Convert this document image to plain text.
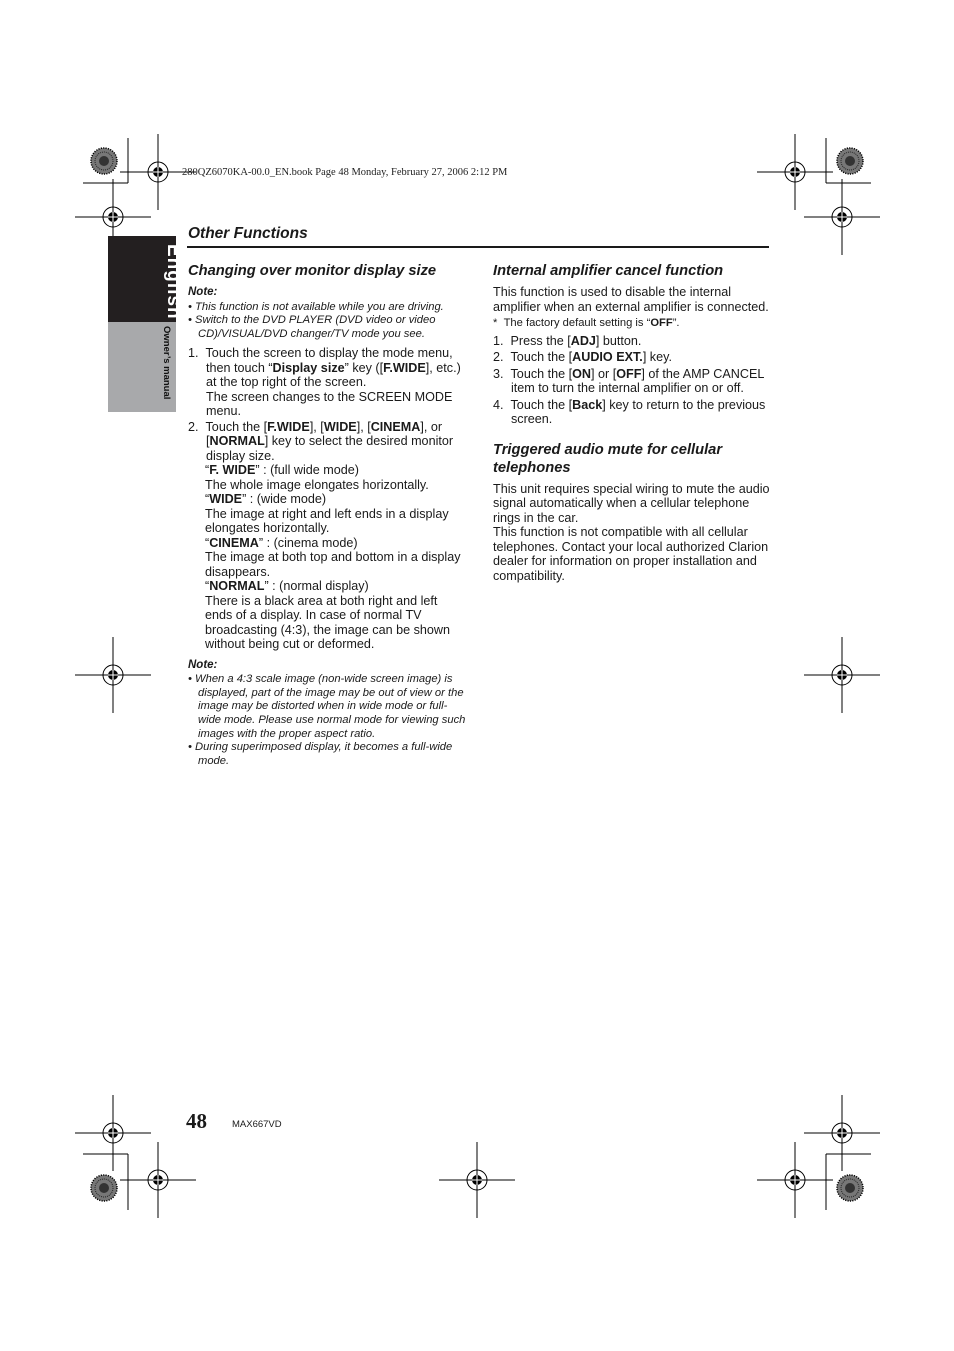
280QZ6070KA-00.0_EN.book Page 48 Monday, February 27, 2006 2:12 PM
English
Owner’s manual
Other Functions
Changing over monitor display size

Note:

• This function is not available while you are driving.

• Switch to the DVD PLAYER (DVD video or video CD)/VISUAL/DVD changer/TV mode you see.

1. Touch the screen to display the mode menu, then touch “Display size” key ([F.WIDE], etc.) at the top right of the screen.

The screen changes to the SCREEN MODE menu.

2. Touch the [F.WIDE], [WIDE], [CINEMA], or [NORMAL] key to select the desired monitor display size.

“F. WIDE” : (full wide mode)

The whole image elongates horizontally.

“WIDE” : (wide mode)

The image at right and left ends in a display elongates horizontally.

“CINEMA” : (cinema mode)

The image at both top and bottom in a display disappears.

“NORMAL” : (normal display)

There is a black area at both right and left ends of a display. In case of normal TV broadcasting (4:3), the image can be shown without being cut or deformed.

Note:

• When a 4:3 scale image (non-wide screen image) is displayed, part of the image may be out of view or the image may be distorted when in wide mode or full-wide mode. Please use normal mode for viewing such images with the proper aspect ratio.

• During superimposed display, it becomes a full-wide mode.

Internal amplifier cancel function

This function is used to disable the internal amplifier when an external amplifier is connected.

* The factory default setting is “OFF”.

1. Press the [ADJ] button.

2. Touch the [AUDIO EXT.] key.

3. Touch the [ON] or [OFF] of the AMP CANCEL item to turn the internal amplifier on or off.

4. Touch the [Back] key to return to the previous screen.

Triggered audio mute for cellular telephones

This unit requires special wiring to mute the audio signal automatically when a cellular telephone rings in the car.

This function is not compatible with all cellular telephones. Contact your local authorized Clarion dealer for information on proper installation and compatibility.

48	MAX667VD
